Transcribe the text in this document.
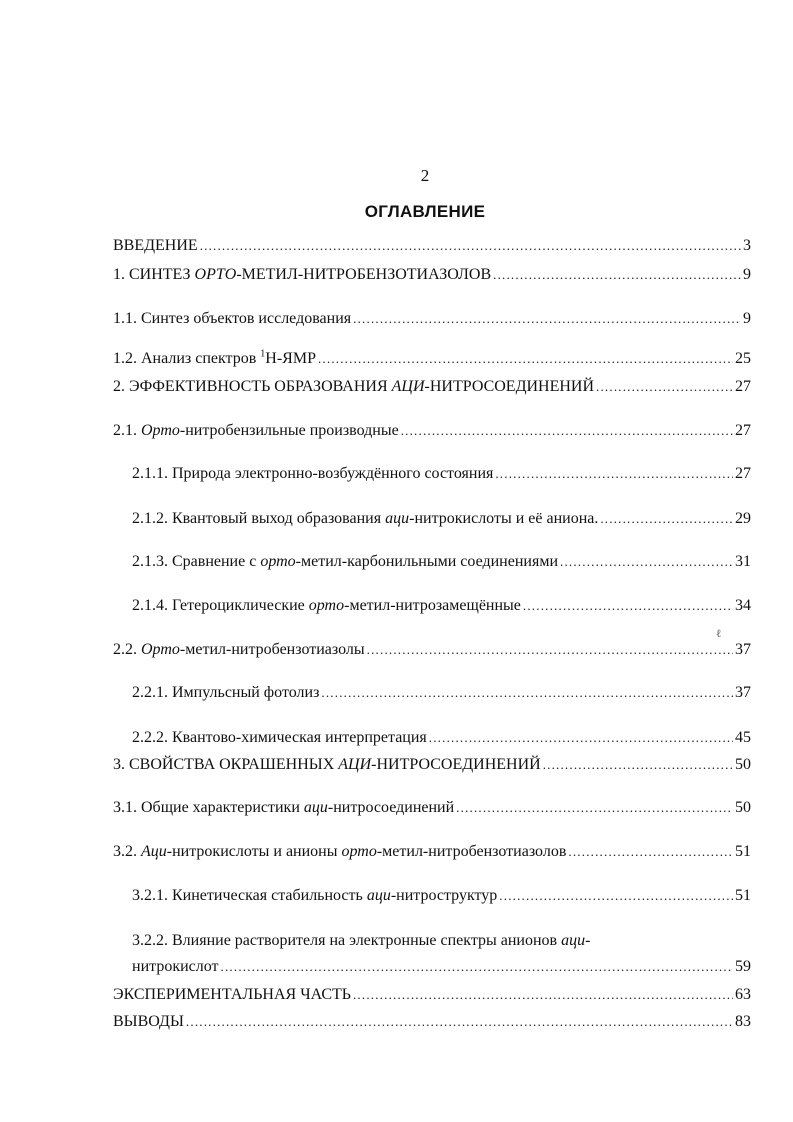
2
ОГЛАВЛЕНИЕ
ВВЕДЕНИЕ .....	3
1. СИНТЕЗ ОРТО-МЕТИЛ-НИТРОБЕНЗОТИАЗОЛОВ .....	9
1.1. Синтез объектов исследования .....	9
1.2. Анализ спектров $^1$Н-ЯМР .....	25
2. ЭФФЕКТИВНОСТЬ ОБРАЗОВАНИЯ АЦИ-НИТРОСОЕДИНЕНИЙ .....	27
2.1. Орто-нитробензильные производные .....	27
2.1.1. Природа электронно-возбуждённого состояния .....	27
2.1.2. Квантовый выход образования аци-нитрокислоты и её аниона. .....	29
2.1.3. Сравнение с орто-метил-карбонильными соединениями .....	31
2.1.4. Гетероциклические орто-метил-нитрозамещённые .....	34
2.2. Орто-метил-нитробензотиазолы .....	37
2.2.1. Импульсный фотолиз .....	37
2.2.2. Квантово-химическая интерпретация .....	45
3. СВОЙСТВА ОКРАШЕННЫХ АЦИ-НИТРОСОЕДИНЕНИЙ .....	50
3.1. Общие характеристики аци-нитросоединений .....	50
3.2. Аци-нитрокислоты и анионы орто-метил-нитробензотиазолов .....	51
3.2.1. Кинетическая стабильность аци-нитроструктур .....	51
3.2.2. Влияние растворителя на электронные спектры анионов аци-
нитрокислот .....	59
ЭКСПЕРИМЕНТАЛЬНАЯ ЧАСТЬ .....	63
ВЫВОДЫ .....	83
ℓ
